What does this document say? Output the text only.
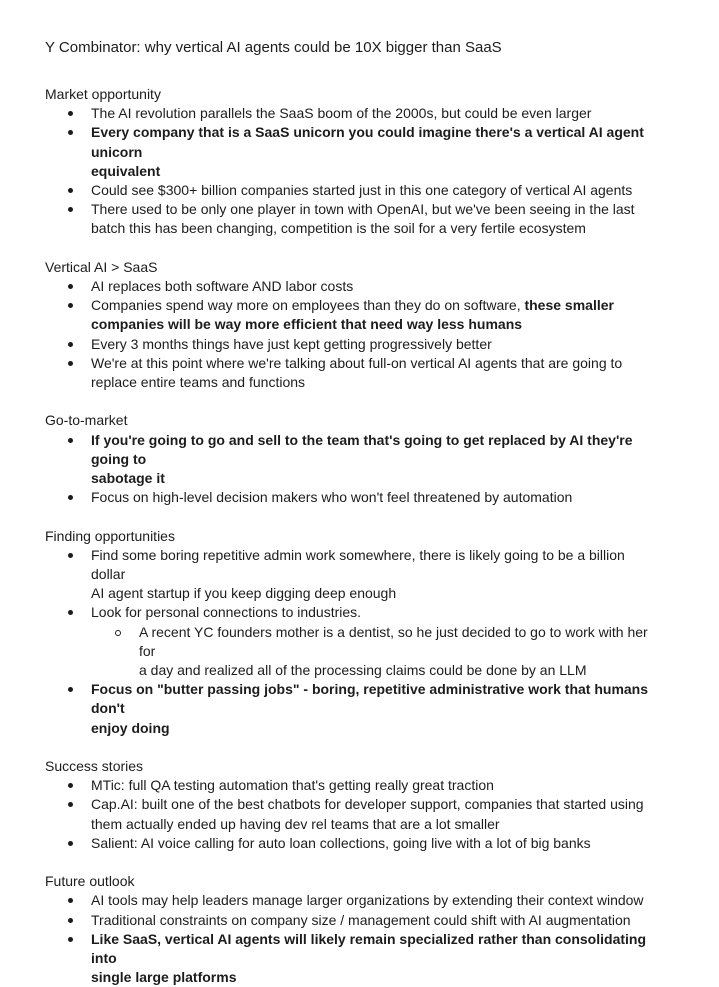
Y Combinator: why vertical AI agents could be 10X bigger than SaaS
Market opportunity
The AI revolution parallels the SaaS boom of the 2000s, but could be even larger
Every company that is a SaaS unicorn you could imagine there's a vertical AI agent unicorn
equivalent
Could see $300+ billion companies started just in this one category of vertical AI agents
There used to be only one player in town with OpenAI, but we've been seeing in the last
batch this has been changing, competition is the soil for a very fertile ecosystem
Vertical AI > SaaS
AI replaces both software AND labor costs
Companies spend way more on employees than they do on software, these smaller
companies will be way more efficient that need way less humans
Every 3 months things have just kept getting progressively better
We're at this point where we're talking about full-on vertical AI agents that are going to
replace entire teams and functions
Go-to-market
If you're going to go and sell to the team that's going to get replaced by AI they're going to
sabotage it
Focus on high-level decision makers who won't feel threatened by automation
Finding opportunities
Find some boring repetitive admin work somewhere, there is likely going to be a billion dollar
AI agent startup if you keep digging deep enough
Look for personal connections to industries.
A recent YC founders mother is a dentist, so he just decided to go to work with her for
a day and realized all of the processing claims could be done by an LLM
Focus on "butter passing jobs" - boring, repetitive administrative work that humans don't
enjoy doing
Success stories
MTic: full QA testing automation that's getting really great traction
Cap.AI: built one of the best chatbots for developer support, companies that started using
them actually ended up having dev rel teams that are a lot smaller
Salient: AI voice calling for auto loan collections, going live with a lot of big banks
Future outlook
AI tools may help leaders manage larger organizations by extending their context window
Traditional constraints on company size / management could shift with AI augmentation
Like SaaS, vertical AI agents will likely remain specialized rather than consolidating into
single large platforms
